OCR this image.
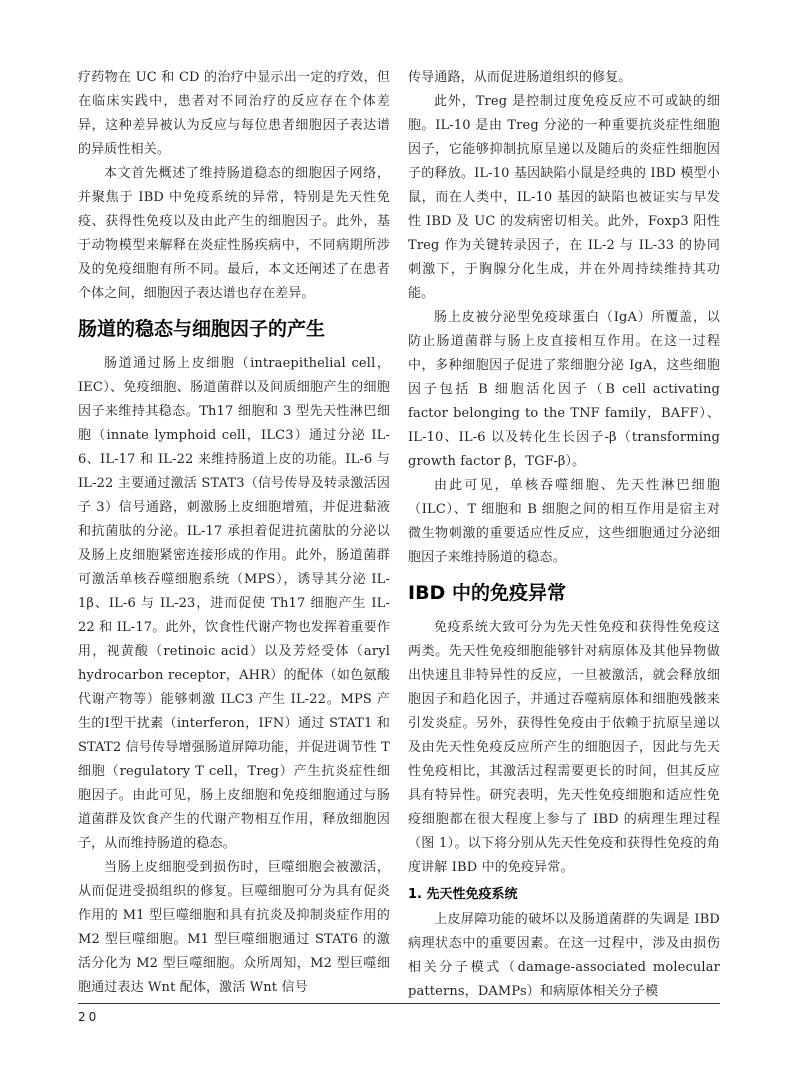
疗药物在 UC 和 CD 的治疗中显示出一定的疗效，但在临床实践中，患者对不同治疗的反应存在个体差异，这种差异被认为反应与每位患者细胞因子表达谱的异质性相关。

本文首先概述了维持肠道稳态的细胞因子网络，并聚焦于 IBD 中免疫系统的异常，特别是先天性免疫、获得性免疫以及由此产生的细胞因子。此外，基于动物模型来解释在炎症性肠疾病中，不同病期所涉及的免疫细胞有所不同。最后，本文还阐述了在患者个体之间，细胞因子表达谱也存在差异。

肠道的稳态与细胞因子的产生

肠道通过肠上皮细胞（intraepithelial cell，IEC）、免疫细胞、肠道菌群以及间质细胞产生的细胞因子来维持其稳态。Th17 细胞和 3 型先天性淋巴细胞（innate lymphoid cell，ILC3）通过分泌 IL-6、IL-17 和 IL-22 来维持肠道上皮的功能。IL-6 与 IL-22 主要通过激活 STAT3（信号传导及转录激活因子 3）信号通路，刺激肠上皮细胞增殖，并促进黏液和抗菌肽的分泌。IL-17 承担着促进抗菌肽的分泌以及肠上皮细胞紧密连接形成的作用。此外，肠道菌群可激活单核吞噬细胞系统（MPS），诱导其分泌 IL-1β、IL-6 与 IL-23，进而促使 Th17 细胞产生 IL-22 和 IL-17。此外，饮食性代谢产物也发挥着重要作用，视黄酸（retinoic acid）以及芳烃受体（aryl hydrocarbon receptor，AHR）的配体（如色氨酸代谢产物等）能够刺激 ILC3 产生 IL-22。MPS 产生的Ⅰ型干扰素（interferon，IFN）通过 STAT1 和 STAT2 信号传导增强肠道屏障功能，并促进调节性 T 细胞（regulatory T cell，Treg）产生抗炎症性细胞因子。由此可见，肠上皮细胞和免疫细胞通过与肠道菌群及饮食产生的代谢产物相互作用，释放细胞因子，从而维持肠道的稳态。

当肠上皮细胞受到损伤时，巨噬细胞会被激活，从而促进受损组织的修复。巨噬细胞可分为具有促炎作用的 M1 型巨噬细胞和具有抗炎及抑制炎症作用的 M2 型巨噬细胞。M1 型巨噬细胞通过 STAT6 的激活分化为 M2 型巨噬细胞。众所周知，M2 型巨噬细胞通过表达 Wnt 配体，激活 Wnt 信号

传导通路，从而促进肠道组织的修复。

此外，Treg 是控制过度免疫反应不可或缺的细胞。IL-10 是由 Treg 分泌的一种重要抗炎症性细胞因子，它能够抑制抗原呈递以及随后的炎症性细胞因子的释放。IL-10 基因缺陷小鼠是经典的 IBD 模型小鼠，而在人类中，IL-10 基因的缺陷也被证实与早发性 IBD 及 UC 的发病密切相关。此外，Foxp3 阳性 Treg 作为关键转录因子，在 IL-2 与 IL-33 的协同刺激下，于胸腺分化生成，并在外周持续维持其功能。

肠上皮被分泌型免疫球蛋白（IgA）所覆盖，以防止肠道菌群与肠上皮直接相互作用。在这一过程中，多种细胞因子促进了浆细胞分泌 IgA，这些细胞因子包括 B 细胞活化因子（B cell activating factor belonging to the TNF family，BAFF）、IL-10、IL-6 以及转化生长因子-β（transforming growth factor β，TGF-β）。

由此可见，单核吞噬细胞、先天性淋巴细胞（ILC）、T 细胞和 B 细胞之间的相互作用是宿主对微生物刺激的重要适应性反应，这些细胞通过分泌细胞因子来维持肠道的稳态。

IBD 中的免疫异常

免疫系统大致可分为先天性免疫和获得性免疫这两类。先天性免疫细胞能够针对病原体及其他异物做出快速且非特异性的反应，一旦被激活，就会释放细胞因子和趋化因子，并通过吞噬病原体和细胞残骸来引发炎症。另外，获得性免疫由于依赖于抗原呈递以及由先天性免疫反应所产生的细胞因子，因此与先天性免疫相比，其激活过程需要更长的时间，但其反应具有特异性。研究表明，先天性免疫细胞和适应性免疫细胞都在很大程度上参与了 IBD 的病理生理过程（图 1）。以下将分别从先天性免疫和获得性免疫的角度讲解 IBD 中的免疫异常。

1. 先天性免疫系统

上皮屏障功能的破坏以及肠道菌群的失调是 IBD 病理状态中的重要因素。在这一过程中，涉及由损伤相关分子模式（damage-associated molecular patterns，DAMPs）和病原体相关分子模

20
